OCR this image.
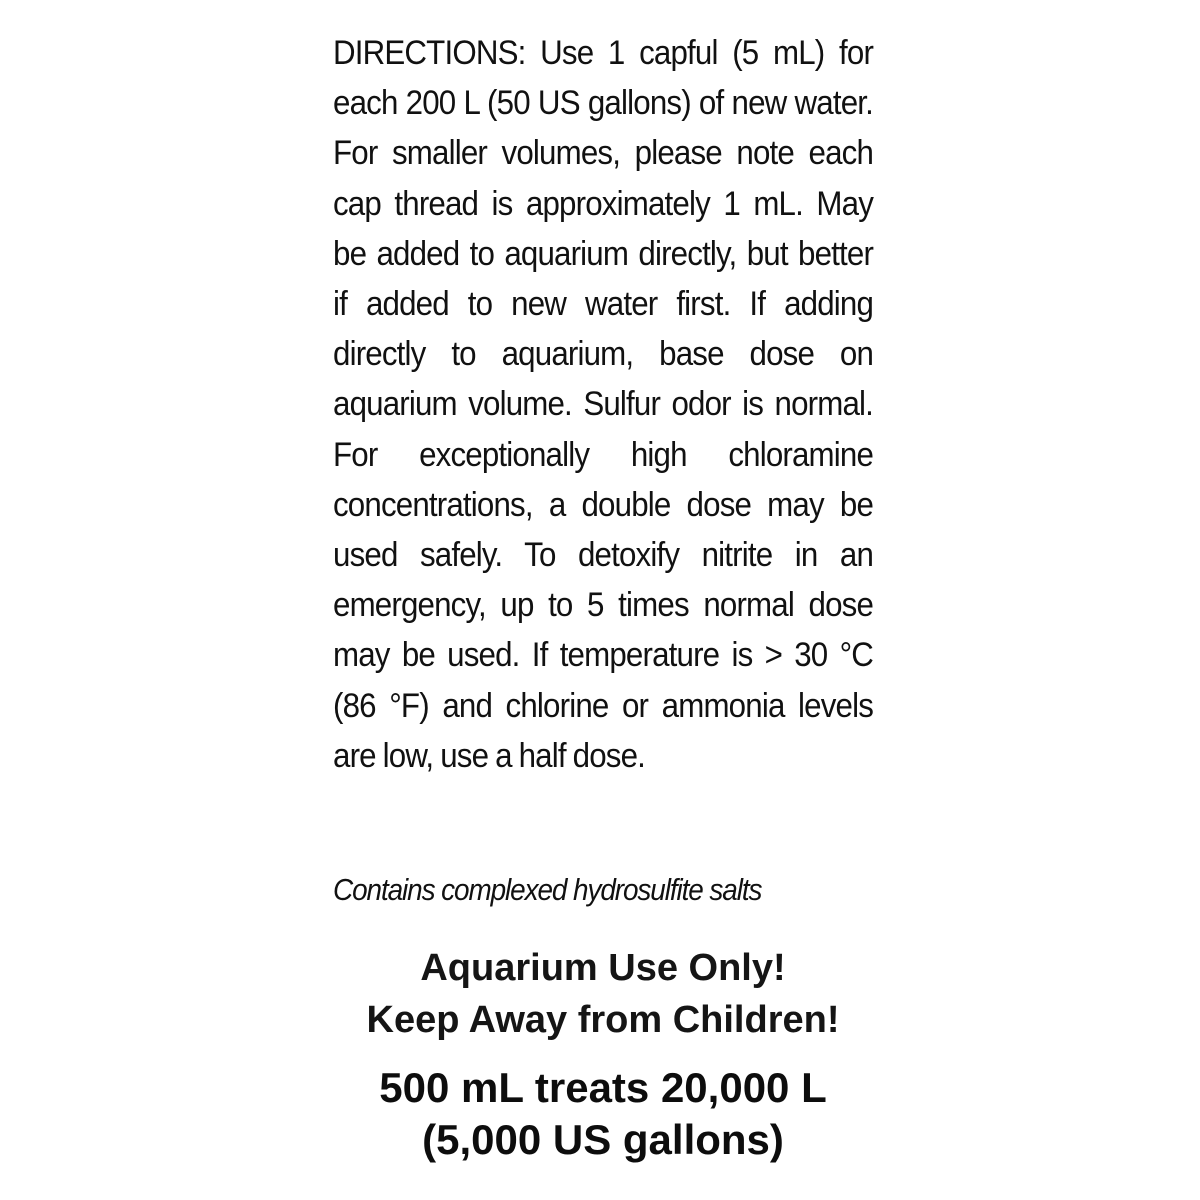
DIRECTIONS: Use 1 capful (5 mL) for each 200 L (50 US gallons) of new water. For smaller volumes, please note each cap thread is approximately 1 mL. May be added to aquarium directly, but better if added to new water first. If adding directly to aquarium, base dose on aquarium volume. Sulfur odor is normal. For exceptionally high chloramine concentrations, a double dose may be used safely. To detoxify nitrite in an emergency, up to 5 times normal dose may be used. If temperature is > 30 °C (86 °F) and chlorine or ammonia levels are low, use a half dose.

Contains complexed hydrosulfite salts

Aquarium Use Only!
Keep Away from Children!

500 mL treats 20,000 L
(5,000 US gallons)
